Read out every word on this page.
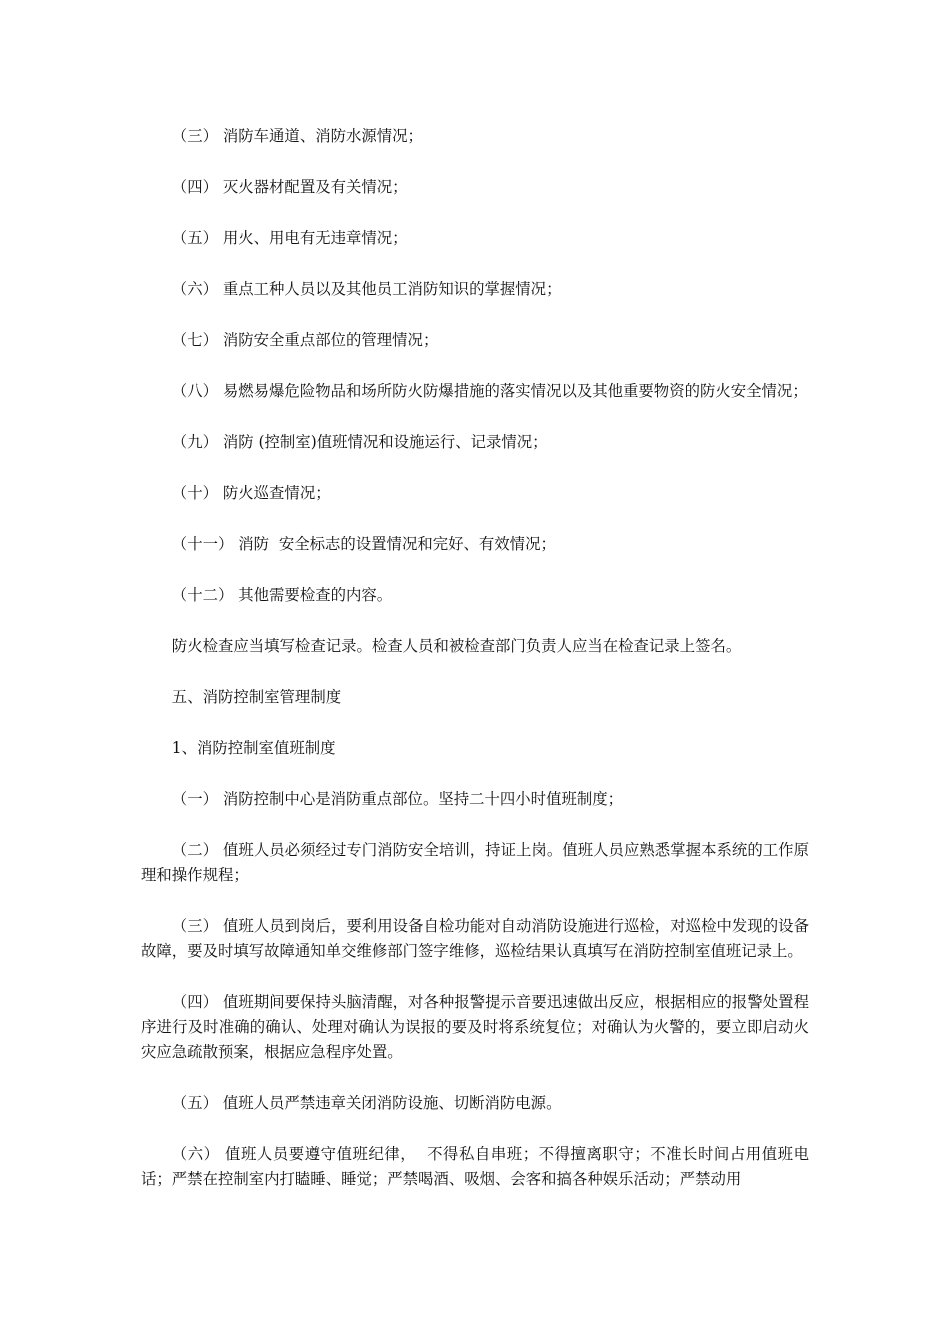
（三） 消防车通道、消防水源情况；

（四） 灭火器材配置及有关情况；

（五） 用火、用电有无违章情况；

（六） 重点工种人员以及其他员工消防知识的掌握情况；

（七） 消防安全重点部位的管理情况；

（八） 易燃易爆危险物品和场所防火防爆措施的落实情况以及其他重要物资的防火安全情况；

（九） 消防 (控制室)值班情况和设施运行、记录情况；

（十） 防火巡查情况；

（十一） 消防  安全标志的设置情况和完好、有效情况；

（十二） 其他需要检查的内容。

防火检查应当填写检查记录。检查人员和被检查部门负责人应当在检查记录上签名。

五、消防控制室管理制度

1、消防控制室值班制度

（一） 消防控制中心是消防重点部位。坚持二十四小时值班制度；

（二） 值班人员必须经过专门消防安全培训，持证上岗。值班人员应熟悉掌握本系统的工作原理和操作规程；

（三） 值班人员到岗后，要利用设备自检功能对自动消防设施进行巡检，对巡检中发现的设备故障，要及时填写故障通知单交维修部门签字维修，巡检结果认真填写在消防控制室值班记录上。

（四） 值班期间要保持头脑清醒，对各种报警提示音要迅速做出反应，根据相应的报警处置程序进行及时准确的确认、处理对确认为误报的要及时将系统复位；对确认为火警的，要立即启动火灾应急疏散预案，根据应急程序处置。

（五） 值班人员严禁违章关闭消防设施、切断消防电源。

（六） 值班人员要遵守值班纪律，  不得私自串班；不得擅离职守；不准长时间占用值班电话；严禁在控制室内打瞌睡、睡觉；严禁喝酒、吸烟、会客和搞各种娱乐活动；严禁动用
